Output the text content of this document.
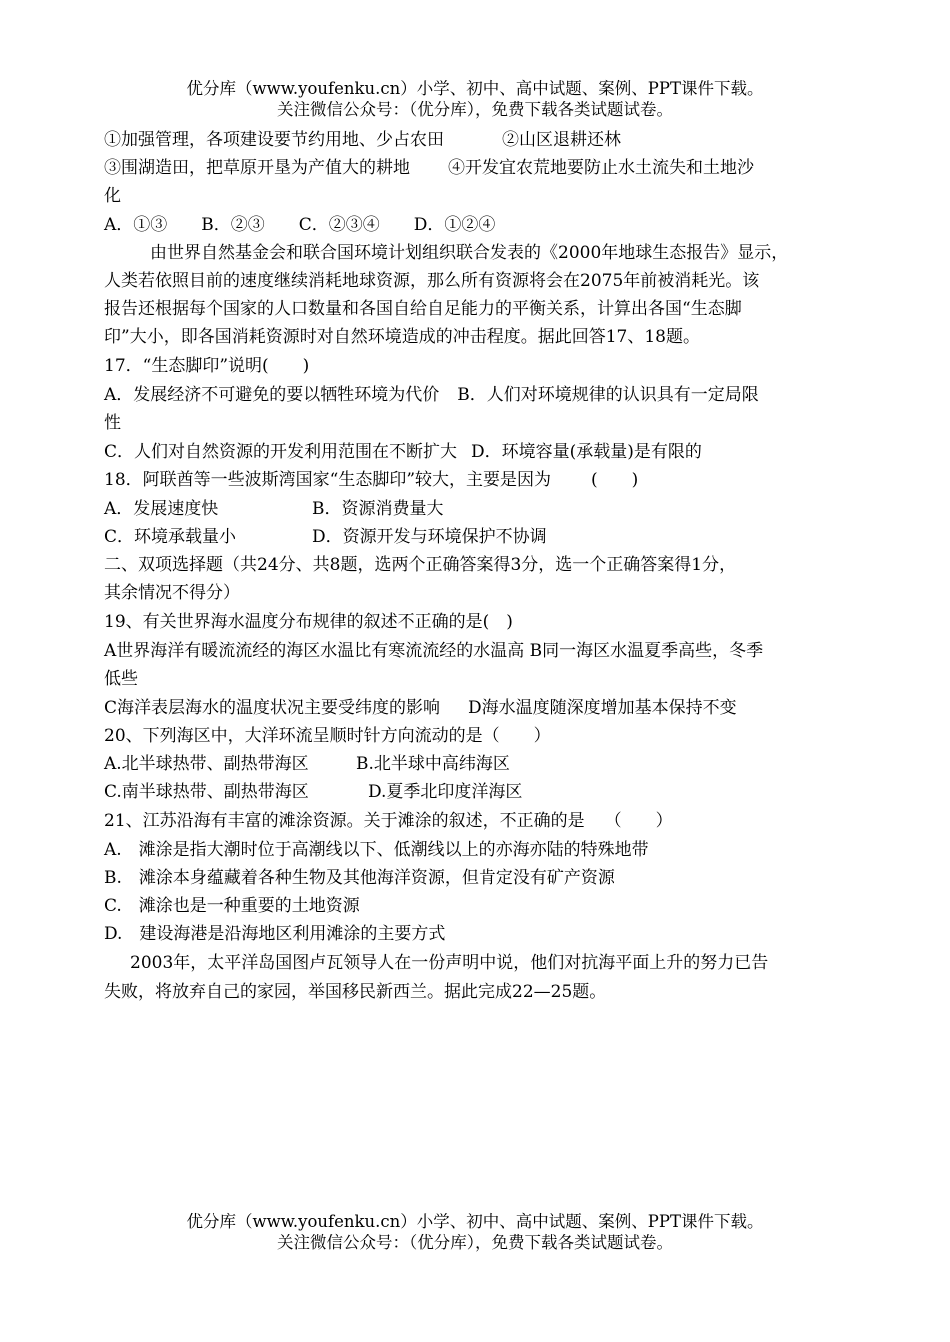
优分库（www.youfenku.cn）小学、初中、高中试题、案例、PPT课件下载。
关注微信公众号：（优分库），免费下载各类试题试卷。
①加强管理，各项建设要节约用地、少占农田	②山区退耕还林
③围湖造田，把草原开垦为产值大的耕地 ④开发宜农荒地要防止水土流失和土地沙
化
A．①③ B．②③ C．②③④ D．①②④
由世界自然基金会和联合国环境计划组织联合发表的《2000年地球生态报告》显示，
人类若依照目前的速度继续消耗地球资源，那么所有资源将会在2075年前被消耗光。该
报告还根据每个国家的人口数量和各国自给自足能力的平衡关系，计算出各国“生态脚
印”大小，即各国消耗资源时对自然环境造成的冲击程度。据此回答17、18题。
17．“生态脚印”说明(　　)
A．发展经济不可避免的要以牺牲环境为代价 B．人们对环境规律的认识具有一定局限
性
C．人们对自然资源的开发利用范围在不断扩大 D．环境容量(承载量)是有限的
18．阿联酋等一些波斯湾国家“生态脚印”较大，主要是因为 (　　)
A．发展速度快	B．资源消费量大
C．环境承载量小	D．资源开发与环境保护不协调
二、双项选择题（共24分、共8题，选两个正确答案得3分，选一个正确答案得1分，
其余情况不得分）
19、有关世界海水温度分布规律的叙述不正确的是(　)
A世界海洋有暖流流经的海区水温比有寒流流经的水温高 B同一海区水温夏季高些，冬季
低些
C海洋表层海水的温度状况主要受纬度的影响 D海水温度随深度增加基本保持不变
20、下列海区中，大洋环流呈顺时针方向流动的是（　　）
A.北半球热带、副热带海区	B.北半球中高纬海区
C.南半球热带、副热带海区	D.夏季北印度洋海区
21、江苏沿海有丰富的滩涂资源。关于滩涂的叙述，不正确的是 （　　）
A.　滩涂是指大潮时位于高潮线以下、低潮线以上的亦海亦陆的特殊地带
B.　滩涂本身蕴藏着各种生物及其他海洋资源，但肯定没有矿产资源
C.　滩涂也是一种重要的土地资源
D.　建设海港是沿海地区利用滩涂的主要方式
2003年，太平洋岛国图卢瓦领导人在一份声明中说，他们对抗海平面上升的努力已告
失败，将放弃自己的家园，举国移民新西兰。据此完成22—25题。
优分库（www.youfenku.cn）小学、初中、高中试题、案例、PPT课件下载。
关注微信公众号：（优分库），免费下载各类试题试卷。
